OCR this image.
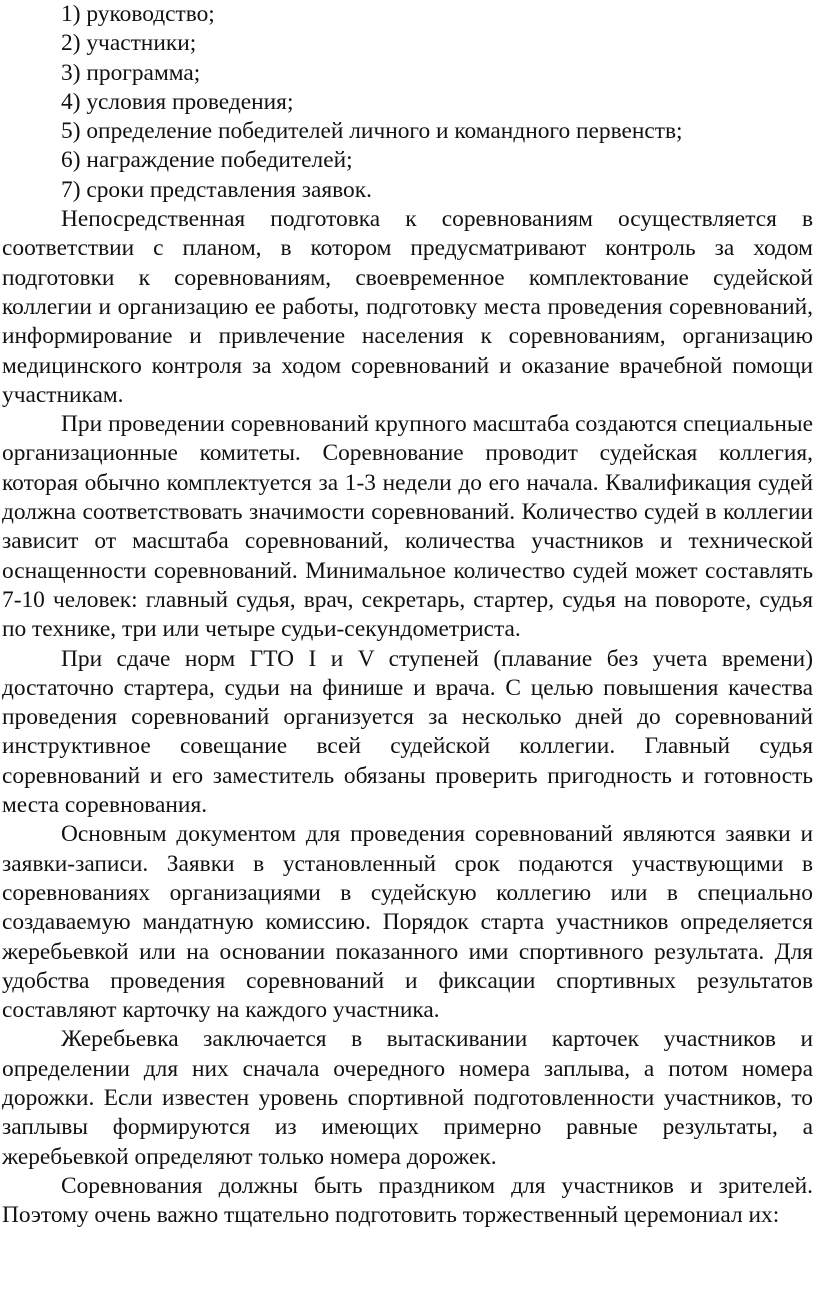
1) руководство;
2) участники;
3) программа;
4) условия проведения;
5) определение победителей личного и командного первенств;
6) награждение победителей;
7) сроки представления заявок.

Непосредственная подготовка к соревнованиям осуществляется в соответствии с планом, в котором предусматривают контроль за ходом подготовки к соревнованиям, своевременное комплектование судейской коллегии и организацию ее работы, подготовку места проведения соревнований, информирование и привлечение населения к соревнованиям, организацию медицинского контроля за ходом соревнований и оказание врачебной помощи участникам.

При проведении соревнований крупного масштаба создаются специальные организационные комитеты. Соревнование проводит судейская коллегия, которая обычно комплектуется за 1-3 недели до его начала. Квалификация судей должна соответствовать значимости соревнований. Количество судей в коллегии зависит от масштаба соревнований, количества участников и технической оснащенности соревнований. Минимальное количество судей может составлять 7-10 человек: главный судья, врач, секретарь, стартер, судья на повороте, судья по технике, три или четыре судьи-секундометриста.

При сдаче норм ГТО I и V ступеней (плавание без учета времени) достаточно стартера, судьи на финише и врача. С целью повышения качества проведения соревнований организуется за несколько дней до соревнований инструктивное совещание всей судейской коллегии. Главный судья соревнований и его заместитель обязаны проверить пригодность и готовность места соревнования.

Основным документом для проведения соревнований являются заявки и заявки-записи. Заявки в установленный срок подаются участвующими в соревнованиях организациями в судейскую коллегию или в специально создаваемую мандатную комиссию. Порядок старта участников определяется жеребьевкой или на основании показанного ими спортивного результата. Для удобства проведения соревнований и фиксации спортивных результатов составляют карточку на каждого участника.

Жеребьевка заключается в вытаскивании карточек участников и определении для них сначала очередного номера заплыва, а потом номера дорожки. Если известен уровень спортивной подготовленности участников, то заплывы формируются из имеющих примерно равные результаты, а жеребьевкой определяют только номера дорожек.

Соревнования должны быть праздником для участников и зрителей. Поэтому очень важно тщательно подготовить торжественный церемониал их:
